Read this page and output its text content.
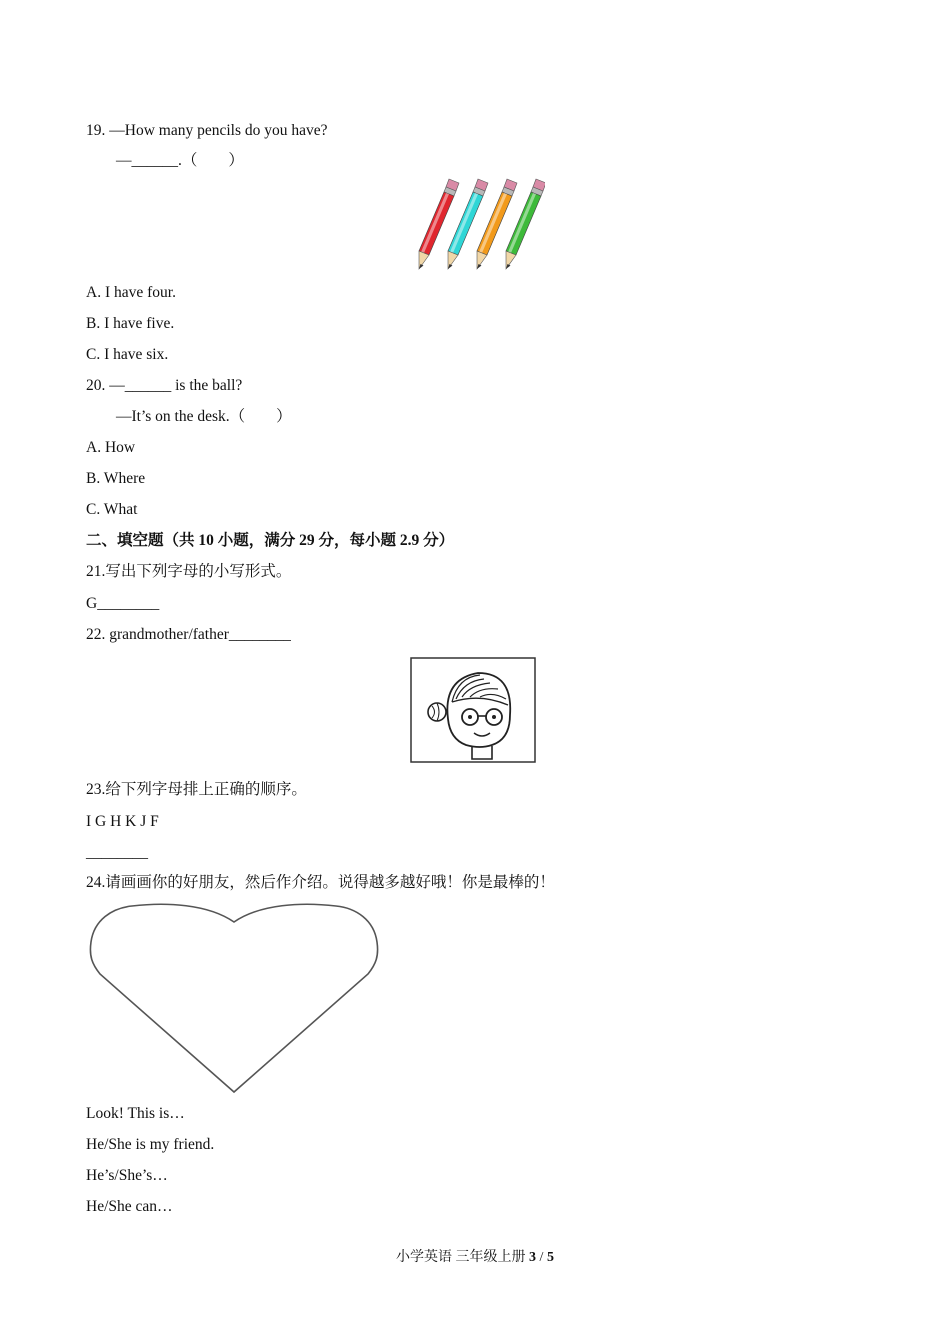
19. —How many pencils do you have?
—______.（　　）
A. I have four.
B. I have five.
C. I have six.
20. —______ is the ball?
—It’s on the desk.（　　）
A. How
B. Where
C. What
二、填空题（共 10 小题，满分 29 分，每小题 2.9 分）
21.写出下列字母的小写形式。
G________
22. grandmother/father________
23.给下列字母排上正确的顺序。
I G H K J F
________
24.请画画你的好朋友，然后作介绍。说得越多越好哦！你是最棒的！
Look! This is…
He/She is my friend.
He’s/She’s…
He/She can…
小学英语 三年级上册 3 / 5
